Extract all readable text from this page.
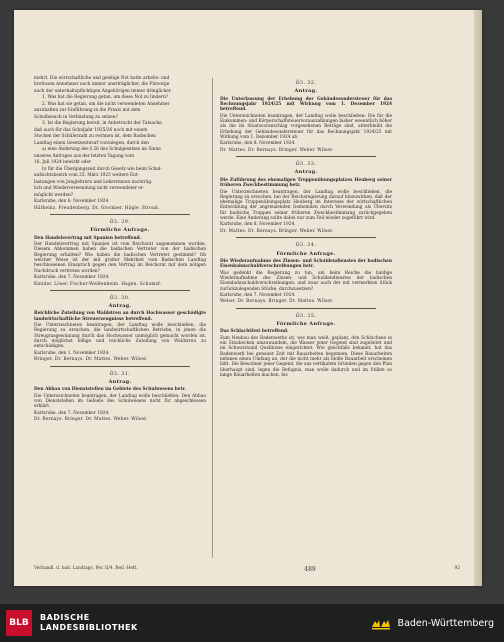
mehrt. Die wirtschaftliche und geistige Not hatte arbeits- und

brotlosen Annehmer noch immer unerträglicher, die Fürsorge

auch der unterhaltspflichtigen Angehörigen immer dringlicher.

1. Was hat die Regierung getan, um diese Not zu lindern?

2. Was hat sie getan, um die nicht verwendeten Annehmer

anzuhalten zur Einführung in die Praxis mit dem

Schulbesuch in Verbindung zu setzen?

3. Ist die Regierung bereit, in Anbetracht der Tatsache,

daß auch für das Schuljahr 1925/26 noch mit einem

Stocken der Schülerzahl zu rechnen ist, dem Badischen

Landtag einen Gesetzentwurf vorzulegen, durch den

a) eine Änderung des § 26 des Schulgesetzes im Sinne

unseres Antrages aus der letzten Tagung vom

16. Juli 1924 bewirkt oder

b) für die Übergangszeit durch Gesetz wie beim Schul-

aufsichtsbezirk vom 25. März 1923 weitere Ent-

lastungen von Junglehrern und Lehrerinnen nachträg-

lich und Wiederverwendung nicht verwendeter er-

möglicht werden?

Karlsruhe, den 6. November 1924.

Häfheinz. Freudenberg. Dr. Glockner. Hägle. Strouß.

Ö3. 29.
Förmliche Anfrage.

Den Handelsvertrag mit Spanien betreffend.

Der Handelsvertrag mit Spanien ist vom Reichsrat angenommen worden. Diesem Abkommen haben die badischen Vertreter von der badischen Regierung erhalten? Wie haben die badischen Vertreter gestimmt? Ob welcher Weise ist der mit großer Mehrheit vom Badischen Landtag beschlossenen Einspruch gegen den Vertrag im Reichsrat mit dem nötigen Nachdruck vertreten worden?

Karlsruhe, den 7. November 1924.

Kinider. Löser. Fischer-Weißenheim. Hagen. Schumsf.

Ö3. 30.
Antrag.

Reichliche Zuteilung von Waldstreu an durch Hochwasser geschädigte landwirtschaftliche Streuerzeugnisse betreffend.

Die Unterzeichneten beantragen, der Landtag wolle beschließen, die Regierung zu ersuchen, die landwirtschaftlichen Betriebe, in jenen die Streugrasgewinnung durch das Hochwasser unmöglich gemacht worden ist, durch möglichst billige und reichliche Zuteilung von Waldstreu zu entschädigen.

Karlsruhe, den 1. November 1924.

Bringer. Dr. Bernays. Dr. Mattes. Weber. Wilser.

Ö3. 31.
Antrag.

Den Abbau von Dienststellen im Gebiete des Schulwesens betr.

Die Unterzeichneten beantragen, der Landtag wolle beschließen: Den Abbau von Dienststellen im Gebiete des Schulwesens nicht für abgeschlossen erklärt.

Karlsruhe, den 7. November 1924.

Dr. Bernays. Bringer. Dr. Mattes. Weber. Wilser.

Ö3. 32.
Antrag.

Die Unterlassung der Erhebung der Gebäudesondersteuer für das Rechnungsjahr 1924/25 mit Wirkung vom 1. Dezember 1924 betreffend.

Die Unterzeichneten beantragen, der Landtag wolle beschließen: Die für die Einkommen- und Körperschaftsteuervorauszahlungen bisher wesentlich höher als die im Staatsvoranschlag vorgesehenen Beträge sind, unterbleibt die Erhebung der Gebäudesondersteuer für das Rechnungsjahr 1924/25 mit Wirkung vom 1. Dezember 1924 ab.

Karlsruhe, den 8. November 1924.

Dr. Mattes. Dr. Bernays. Bringer. Weber. Wilser.

Ö3. 33.
Antrag.

Die Zuführung des ehemaligen Truppenübungsplatzes Heuberg seiner früheren Zweckbestimmung betr.

Die Unterzeichneten beantragen, der Landtag wolle beschließen, die Regierung zu ersuchen, bei der Reichsregierung darauf hinzuwirken, daß der ehemalige Truppenübungsplatz Heuberg im Interesse der wirtschaftlichen Entwicklung der angrenzenden Gemeinden durch Verwendung als Übersitz für badische Truppen seiner früheren Zweckbestimmung zurückgegeben werde. Eine Änderung sollte dabei nur zum Teil wieder zugeführt wird.

Karlsruhe, den 8. November 1924.

Dr. Mattes. Dr. Bernays. Bringer. Weber. Wilser.

Ö3. 34.
Förmliche Anfrage.

Die Wiederaufnahme des Zinsen- und Schuldendienstes der badischen Eisenbahnschuldverschreibungen betr.

Was gedenkt die Regierung zu tun, um beim Reiche die baldige Wiederaufnahme des Zinsen- und Schuldendienstes der badischen Eisenbahnschuldverschreibungen, und zwar auch der mit vermerkten Stück zurückzulegenden Stücke, durchzusetzen?

Karlsruhe, den 7. November 1924.

Weber. Dr. Bernays. Bringer. Dr. Mattes. Wilser.

Ö3. 35.
Förmliche Anfrage.

Das Schlachtfest betreffend.

Zum Neubau des Badenwerks ist, wie man weiß, geplant, den Schluchsee in ein Staubecken umzuwandeln, die Wasser jener Gegend sind zugeleitet und im Schwarzwald Quellnisse eingerichtet. Wie gleichfalls bekannt, hat das Badenwerk bei genauer Zeit mit Bauarbeiten begonnen. Diese Bauarbeiten nehmen einen Umfang an, der die nicht mehr als bloße Bauarbeit erscheinen läßt. Die Bewohner jener Gegend, die aus vertikalem Gründen gegen den Plan überhaupt sind, legen die Befugnis, man wolle dadurch und im Stillen so lange Bauarbeiten machen, bis

Verhandl. d. bad. Landtags. Per. II/4. Beil.-Heft.	489	92
BLB
BADISCHE
LANDESBIBLIOTHEK	Baden-Württemberg
